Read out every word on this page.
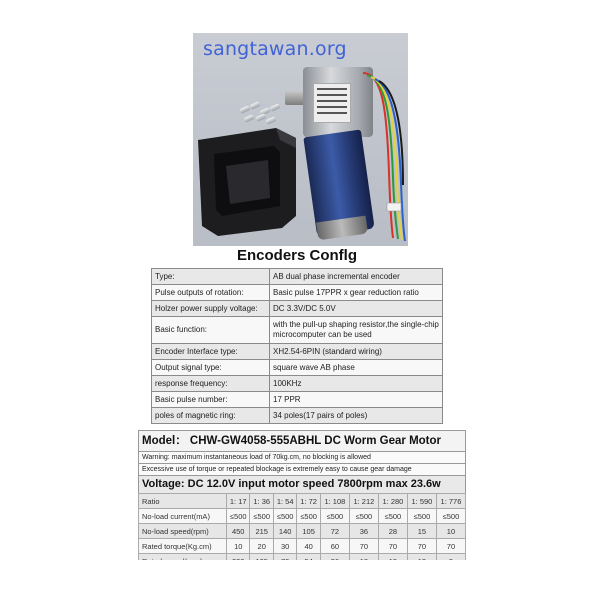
sangtawan.org
Encoders Conflg
Type:	AB dual phase incremental encoder
Pulse outputs of rotation:	Basic pulse 17PPR x gear reduction ratio
Holzer power supply voltage:	DC 3.3V/DC 5.0V
Basic function:	with the pull-up shaping resistor,the single-chip microcomputer can be used
Encoder Interface type:	XH2.54-6PIN (standard wiring)
Output signal type:	square wave AB phase
response frequency:	100KHz
Basic pulse number:	17 PPR
poles of magnetic ring:	34 poles(17 pairs of poles)
Model： CHW-GW4058-555ABHL DC Worm Gear Motor
Warning: maximum instantaneous load of 70kg.cm, no blocking is allowed
Excessive use of torque or repeated blockage is extremely easy to cause gear damage
Voltage: DC 12.0V input motor speed 7800rpm max 23.6w
Ratio	1: 17	1: 36	1: 54	1: 72	1: 108	1: 212	1: 280	1: 590	1: 776
No-load current(mA)	≤500	≤500	≤500	≤500	≤500	≤500	≤500	≤500	≤500
No-load speed(rpm)	450	215	140	105	72	36	28	15	10
Rated torque(Kg.cm)	10	20	30	40	60	70	70	70	70
